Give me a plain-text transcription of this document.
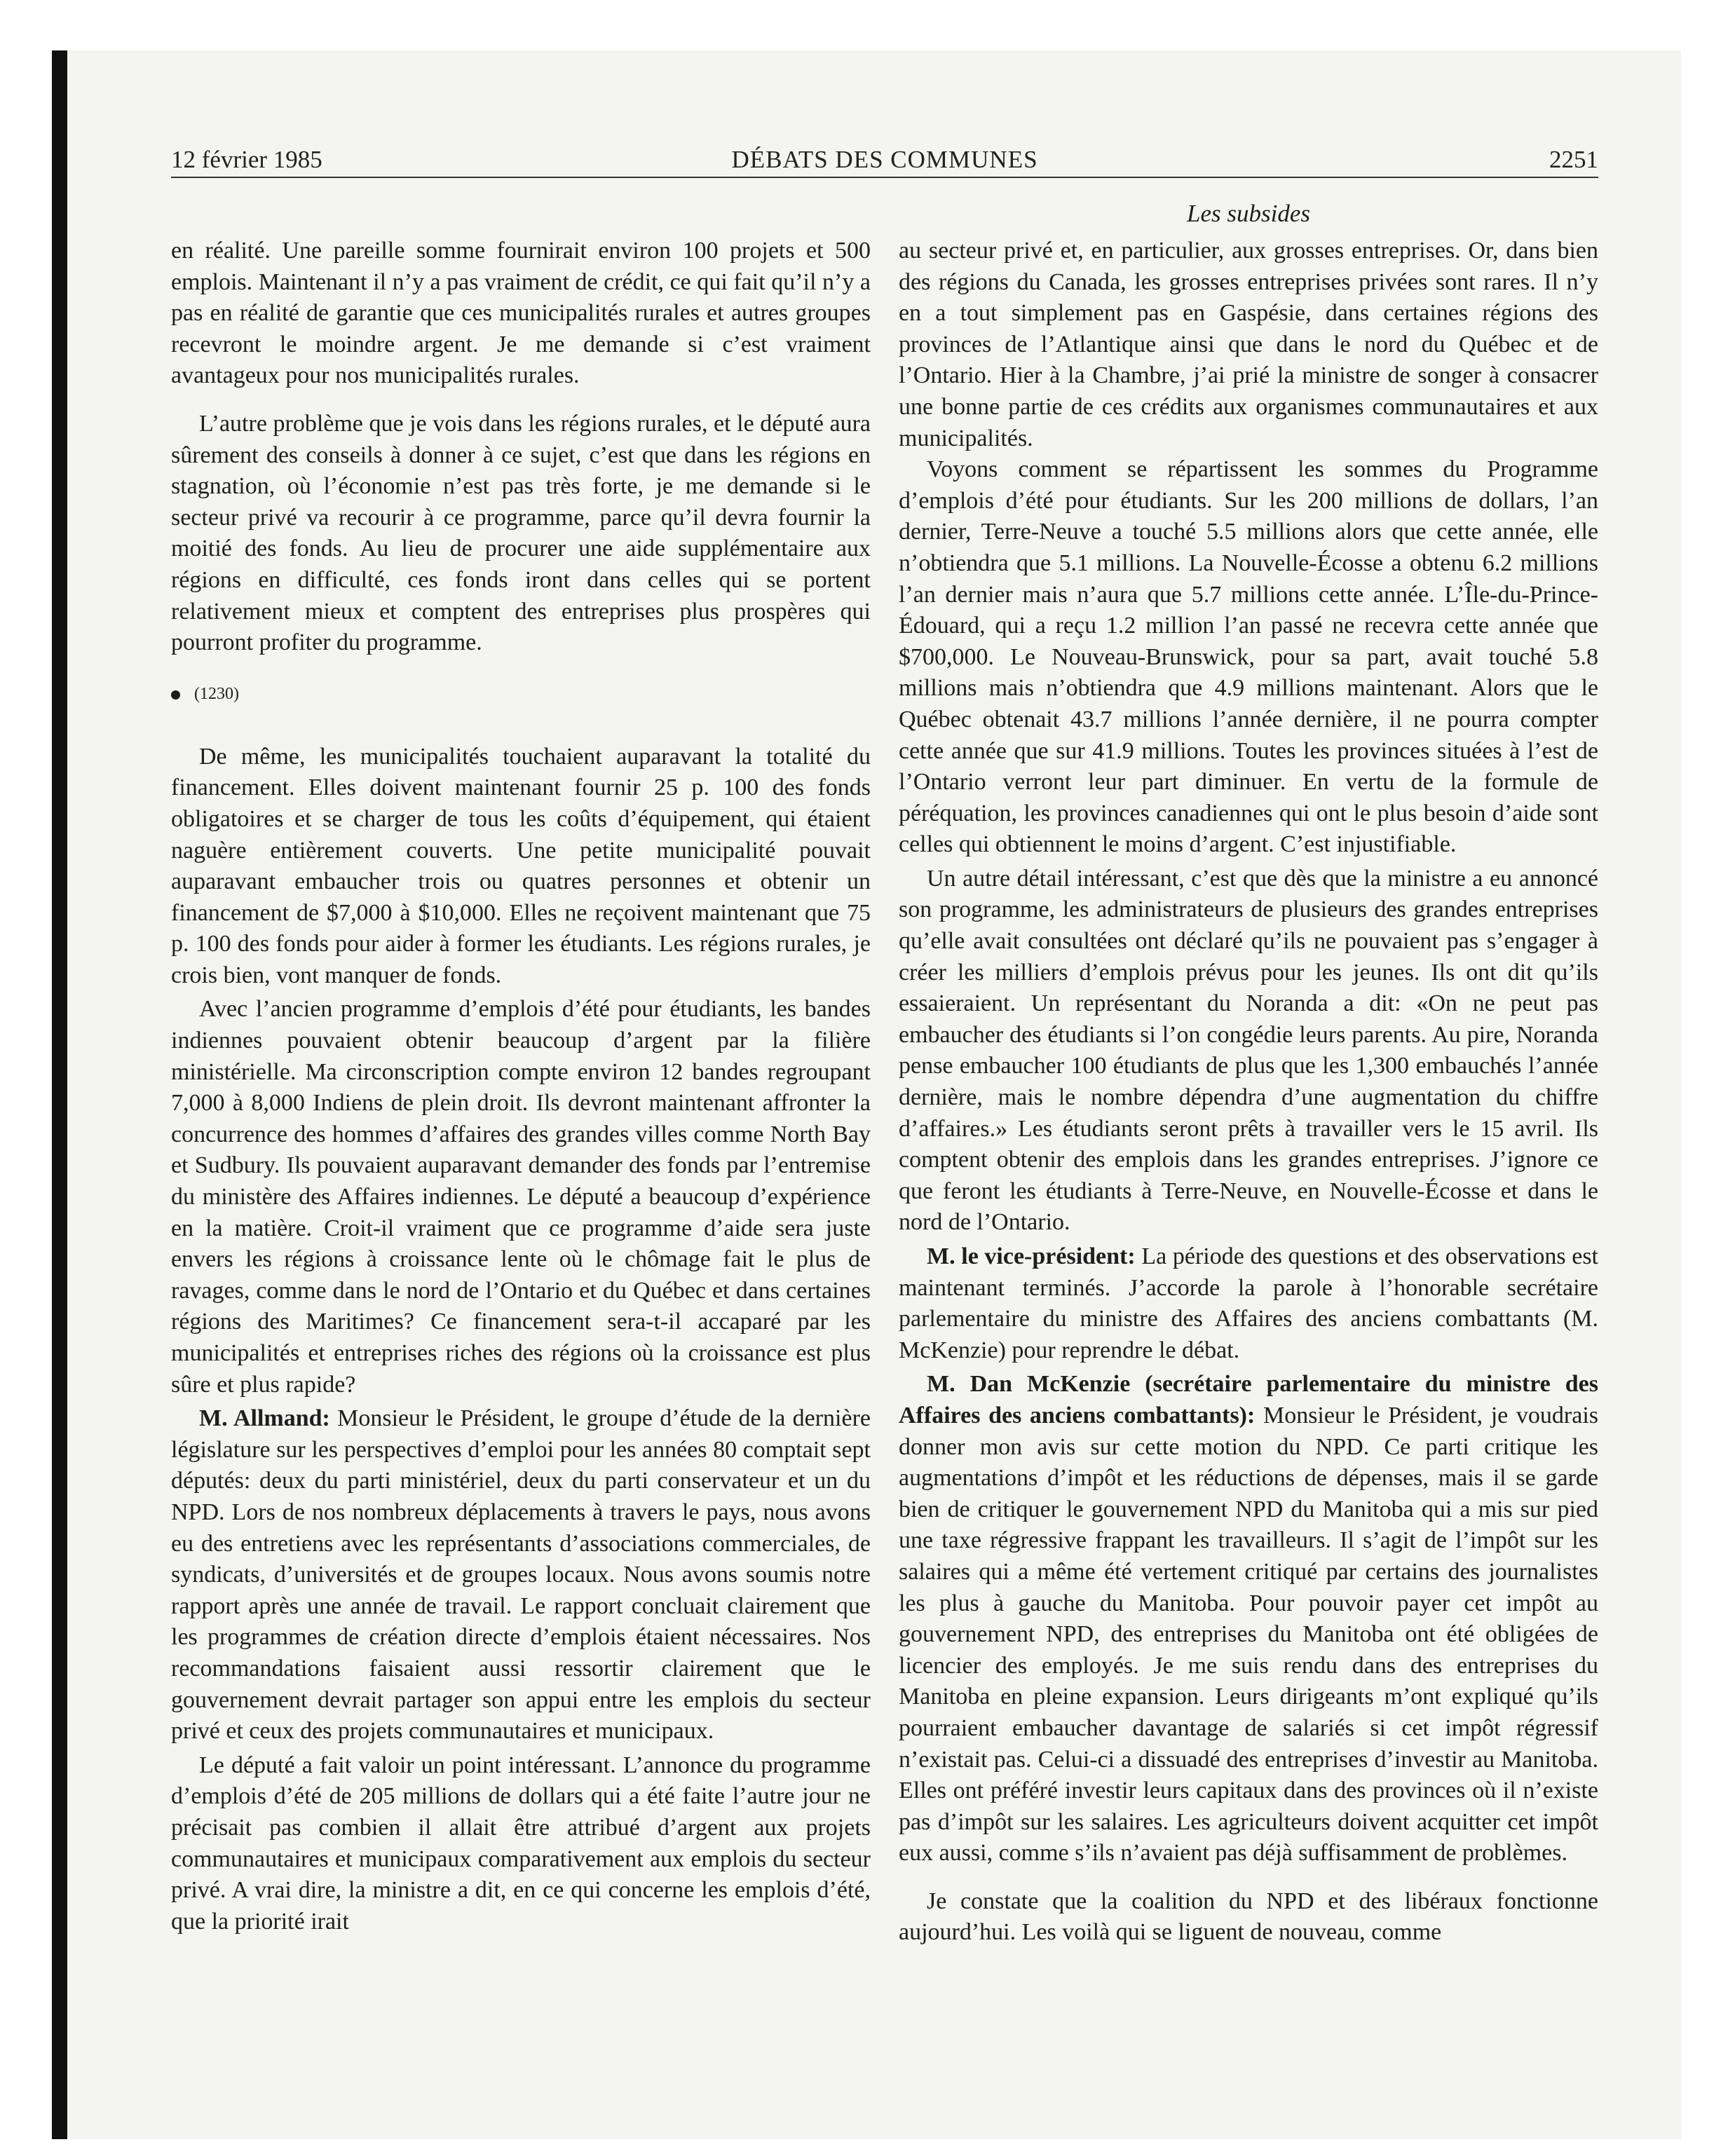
12 février 1985	DÉBATS DES COMMUNES	2251
Les subsides

en réalité. Une pareille somme fournirait environ 100 projets et 500 emplois. Maintenant il n’y a pas vraiment de crédit, ce qui fait qu’il n’y a pas en réalité de garantie que ces municipalités rurales et autres groupes recevront le moindre argent. Je me demande si c’est vraiment avantageux pour nos municipalités rurales.

L’autre problème que je vois dans les régions rurales, et le député aura sûrement des conseils à donner à ce sujet, c’est que dans les régions en stagnation, où l’économie n’est pas très forte, je me demande si le secteur privé va recourir à ce programme, parce qu’il devra fournir la moitié des fonds. Au lieu de procurer une aide supplémentaire aux régions en difficulté, ces fonds iront dans celles qui se portent relativement mieux et comptent des entreprises plus prospères qui pourront profiter du programme.

(1230)

De même, les municipalités touchaient auparavant la totalité du financement. Elles doivent maintenant fournir 25 p. 100 des fonds obligatoires et se charger de tous les coûts d’équipement, qui étaient naguère entièrement couverts. Une petite municipalité pouvait auparavant embaucher trois ou quatres personnes et obtenir un financement de $7,000 à $10,000. Elles ne reçoivent maintenant que 75 p. 100 des fonds pour aider à former les étudiants. Les régions rurales, je crois bien, vont manquer de fonds.

Avec l’ancien programme d’emplois d’été pour étudiants, les bandes indiennes pouvaient obtenir beaucoup d’argent par la filière ministérielle. Ma circonscription compte environ 12 bandes regroupant 7,000 à 8,000 Indiens de plein droit. Ils devront maintenant affronter la concurrence des hommes d’affaires des grandes villes comme North Bay et Sudbury. Ils pouvaient auparavant demander des fonds par l’entremise du ministère des Affaires indiennes. Le député a beaucoup d’expérience en la matière. Croit-il vraiment que ce programme d’aide sera juste envers les régions à croissance lente où le chômage fait le plus de ravages, comme dans le nord de l’Ontario et du Québec et dans certaines régions des Maritimes? Ce financement sera-t-il accaparé par les municipalités et entreprises riches des régions où la croissance est plus sûre et plus rapide?

M. Allmand: Monsieur le Président, le groupe d’étude de la dernière législature sur les perspectives d’emploi pour les années 80 comptait sept députés: deux du parti ministériel, deux du parti conservateur et un du NPD. Lors de nos nombreux déplacements à travers le pays, nous avons eu des entretiens avec les représentants d’associations commerciales, de syndicats, d’universités et de groupes locaux. Nous avons soumis notre rapport après une année de travail. Le rapport concluait clairement que les programmes de création directe d’emplois étaient nécessaires. Nos recommandations faisaient aussi ressortir clairement que le gouvernement devrait partager son appui entre les emplois du secteur privé et ceux des projets communautaires et municipaux.

Le député a fait valoir un point intéressant. L’annonce du programme d’emplois d’été de 205 millions de dollars qui a été faite l’autre jour ne précisait pas combien il allait être attribué d’argent aux projets communautaires et municipaux comparativement aux emplois du secteur privé. A vrai dire, la ministre a dit, en ce qui concerne les emplois d’été, que la priorité irait

au secteur privé et, en particulier, aux grosses entreprises. Or, dans bien des régions du Canada, les grosses entreprises privées sont rares. Il n’y en a tout simplement pas en Gaspésie, dans certaines régions des provinces de l’Atlantique ainsi que dans le nord du Québec et de l’Ontario. Hier à la Chambre, j’ai prié la ministre de songer à consacrer une bonne partie de ces crédits aux organismes communautaires et aux municipalités.

Voyons comment se répartissent les sommes du Programme d’emplois d’été pour étudiants. Sur les 200 millions de dollars, l’an dernier, Terre-Neuve a touché 5.5 millions alors que cette année, elle n’obtiendra que 5.1 millions. La Nouvelle-Écosse a obtenu 6.2 millions l’an dernier mais n’aura que 5.7 millions cette année. L’Île-du-Prince-Édouard, qui a reçu 1.2 million l’an passé ne recevra cette année que $700,000. Le Nouveau-Brunswick, pour sa part, avait touché 5.8 millions mais n’obtiendra que 4.9 millions maintenant. Alors que le Québec obtenait 43.7 millions l’année dernière, il ne pourra compter cette année que sur 41.9 millions. Toutes les provinces situées à l’est de l’Ontario verront leur part diminuer. En vertu de la formule de péréquation, les provinces canadiennes qui ont le plus besoin d’aide sont celles qui obtiennent le moins d’argent. C’est injustifiable.

Un autre détail intéressant, c’est que dès que la ministre a eu annoncé son programme, les administrateurs de plusieurs des grandes entreprises qu’elle avait consultées ont déclaré qu’ils ne pouvaient pas s’engager à créer les milliers d’emplois prévus pour les jeunes. Ils ont dit qu’ils essaieraient. Un représentant du Noranda a dit: «On ne peut pas embaucher des étudiants si l’on congédie leurs parents. Au pire, Noranda pense embaucher 100 étudiants de plus que les 1,300 embauchés l’année dernière, mais le nombre dépendra d’une augmentation du chiffre d’affaires.» Les étudiants seront prêts à travailler vers le 15 avril. Ils comptent obtenir des emplois dans les grandes entreprises. J’ignore ce que feront les étudiants à Terre-Neuve, en Nouvelle-Écosse et dans le nord de l’Ontario.

M. le vice-président: La période des questions et des observations est maintenant terminés. J’accorde la parole à l’honorable secrétaire parlementaire du ministre des Affaires des anciens combattants (M. McKenzie) pour reprendre le débat.

M. Dan McKenzie (secrétaire parlementaire du ministre des Affaires des anciens combattants): Monsieur le Président, je voudrais donner mon avis sur cette motion du NPD. Ce parti critique les augmentations d’impôt et les réductions de dépenses, mais il se garde bien de critiquer le gouvernement NPD du Manitoba qui a mis sur pied une taxe régressive frappant les travailleurs. Il s’agit de l’impôt sur les salaires qui a même été vertement critiqué par certains des journalistes les plus à gauche du Manitoba. Pour pouvoir payer cet impôt au gouvernement NPD, des entreprises du Manitoba ont été obligées de licencier des employés. Je me suis rendu dans des entreprises du Manitoba en pleine expansion. Leurs dirigeants m’ont expliqué qu’ils pourraient embaucher davantage de salariés si cet impôt régressif n’existait pas. Celui-ci a dissuadé des entreprises d’investir au Manitoba. Elles ont préféré investir leurs capitaux dans des provinces où il n’existe pas d’impôt sur les salaires. Les agriculteurs doivent acquitter cet impôt eux aussi, comme s’ils n’avaient pas déjà suffisamment de problèmes.

Je constate que la coalition du NPD et des libéraux fonctionne aujourd’hui. Les voilà qui se liguent de nouveau, comme
